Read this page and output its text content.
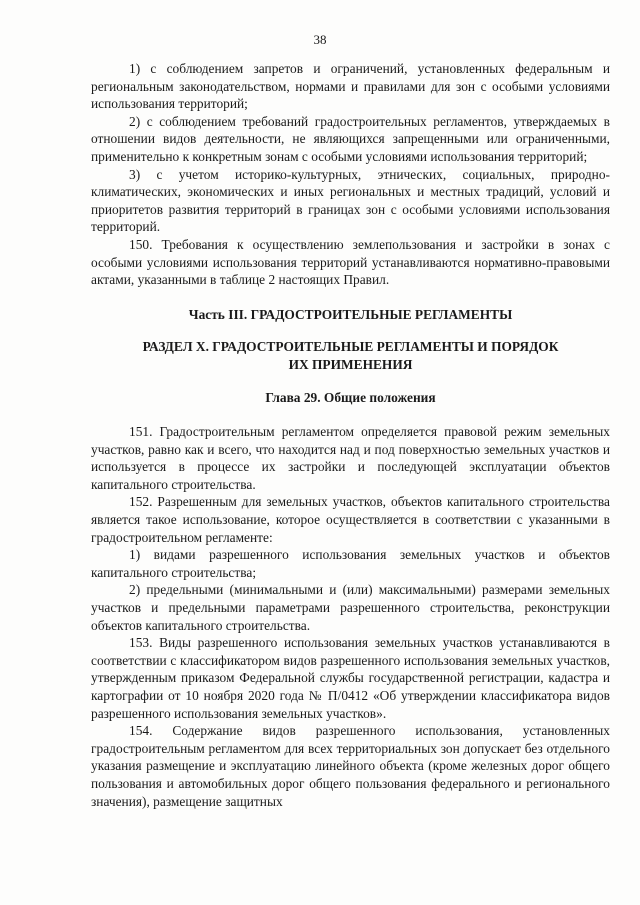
38

1) с соблюдением запретов и ограничений, установленных федеральным и региональным законодательством, нормами и правилами для зон с особыми условиями использования территорий;

2) с соблюдением требований градостроительных регламентов, утверждаемых в отношении видов деятельности, не являющихся запрещенными или ограниченными, применительно к конкретным зонам с особыми условиями использования территорий;

3) с учетом историко-культурных, этнических, социальных, природно-климатических, экономических и иных региональных и местных традиций, условий и приоритетов развития территорий в границах зон с особыми условиями использования территорий.

150. Требования к осуществлению землепользования и застройки в зонах с особыми условиями использования территорий устанавливаются нормативно-правовыми актами, указанными в таблице 2 настоящих Правил.

Часть III. ГРАДОСТРОИТЕЛЬНЫЕ РЕГЛАМЕНТЫ
РАЗДЕЛ X. ГРАДОСТРОИТЕЛЬНЫЕ РЕГЛАМЕНТЫ И ПОРЯДОК
ИХ ПРИМЕНЕНИЯ
Глава 29. Общие положения

151. Градостроительным регламентом определяется правовой режим земельных участков, равно как и всего, что находится над и под поверхностью земельных участков и используется в процессе их застройки и последующей эксплуатации объектов капитального строительства.

152. Разрешенным для земельных участков, объектов капитального строительства является такое использование, которое осуществляется в соответствии с указанными в градостроительном регламенте:

1) видами разрешенного использования земельных участков и объектов капитального строительства;

2) предельными (минимальными и (или) максимальными) размерами земельных участков и предельными параметрами разрешенного строительства, реконструкции объектов капитального строительства.

153. Виды разрешенного использования земельных участков устанавливаются в соответствии с классификатором видов разрешенного использования земельных участков, утвержденным приказом Федеральной службы государственной регистрации, кадастра и картографии от 10 ноября 2020 года № П/0412 «Об утверждении классификатора видов разрешенного использования земельных участков».

154. Содержание видов разрешенного использования, установленных градостроительным регламентом для всех территориальных зон допускает без отдельного указания размещение и эксплуатацию линейного объекта (кроме железных дорог общего пользования и автомобильных дорог общего пользования федерального и регионального значения), размещение защитных
